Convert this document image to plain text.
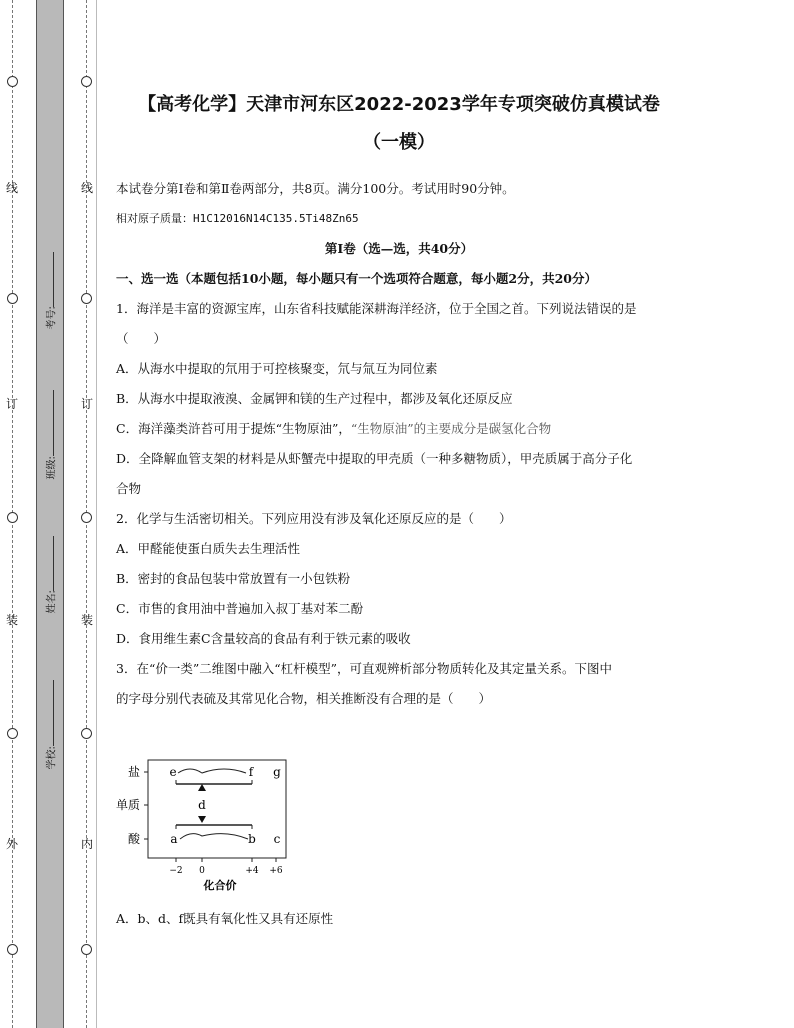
线
订
装
外
线
订
装
内
考号:
班级:
姓名:
学校:

【高考化学】天津市河东区2022-2023学年专项突破仿真模试卷

（一模）

本试卷分第Ⅰ卷和第Ⅱ卷两部分，共8页。满分100分。考试用时90分钟。

相对原子质量：H1C12016N14C135.5Ti48Zn65

第Ⅰ卷（选—选，共40分）

一、选一选（本题包括10小题，每小题只有一个选项符合题意，每小题2分，共20分）

1．海洋是丰富的资源宝库，山东省科技赋能深耕海洋经济，位于全国之首。下列说法错误的是

（　　）

A．从海水中提取的氘用于可控核聚变，氘与氚互为同位素

B．从海水中提取液溴、金属钾和镁的生产过程中，都涉及氧化还原反应

C．海洋藻类浒苔可用于提炼“生物原油”，“生物原油”的主要成分是碳氢化合物

D．全降解血管支架的材料是从虾蟹壳中提取的甲壳质（一种多糖物质），甲壳质属于高分子化

合物

2．化学与生活密切相关。下列应用没有涉及氧化还原反应的是（　　）

A．甲醛能使蛋白质失去生理活性

B．密封的食品包装中常放置有一小包铁粉

C．市售的食用油中普遍加入叔丁基对苯二酚

D．食用维生素C含量较高的食品有利于铁元素的吸收

3．在“价一类”二维图中融入“杠杆模型”，可直观辨析部分物质转化及其定量关系。下图中

的字母分别代表硫及其常见化合物，相关推断没有合理的是（　　）

盐
单质
酸
−2 0	+4 +6
化合价
e	f g
d
a	b c

A．b、d、f既具有氧化性又具有还原性
